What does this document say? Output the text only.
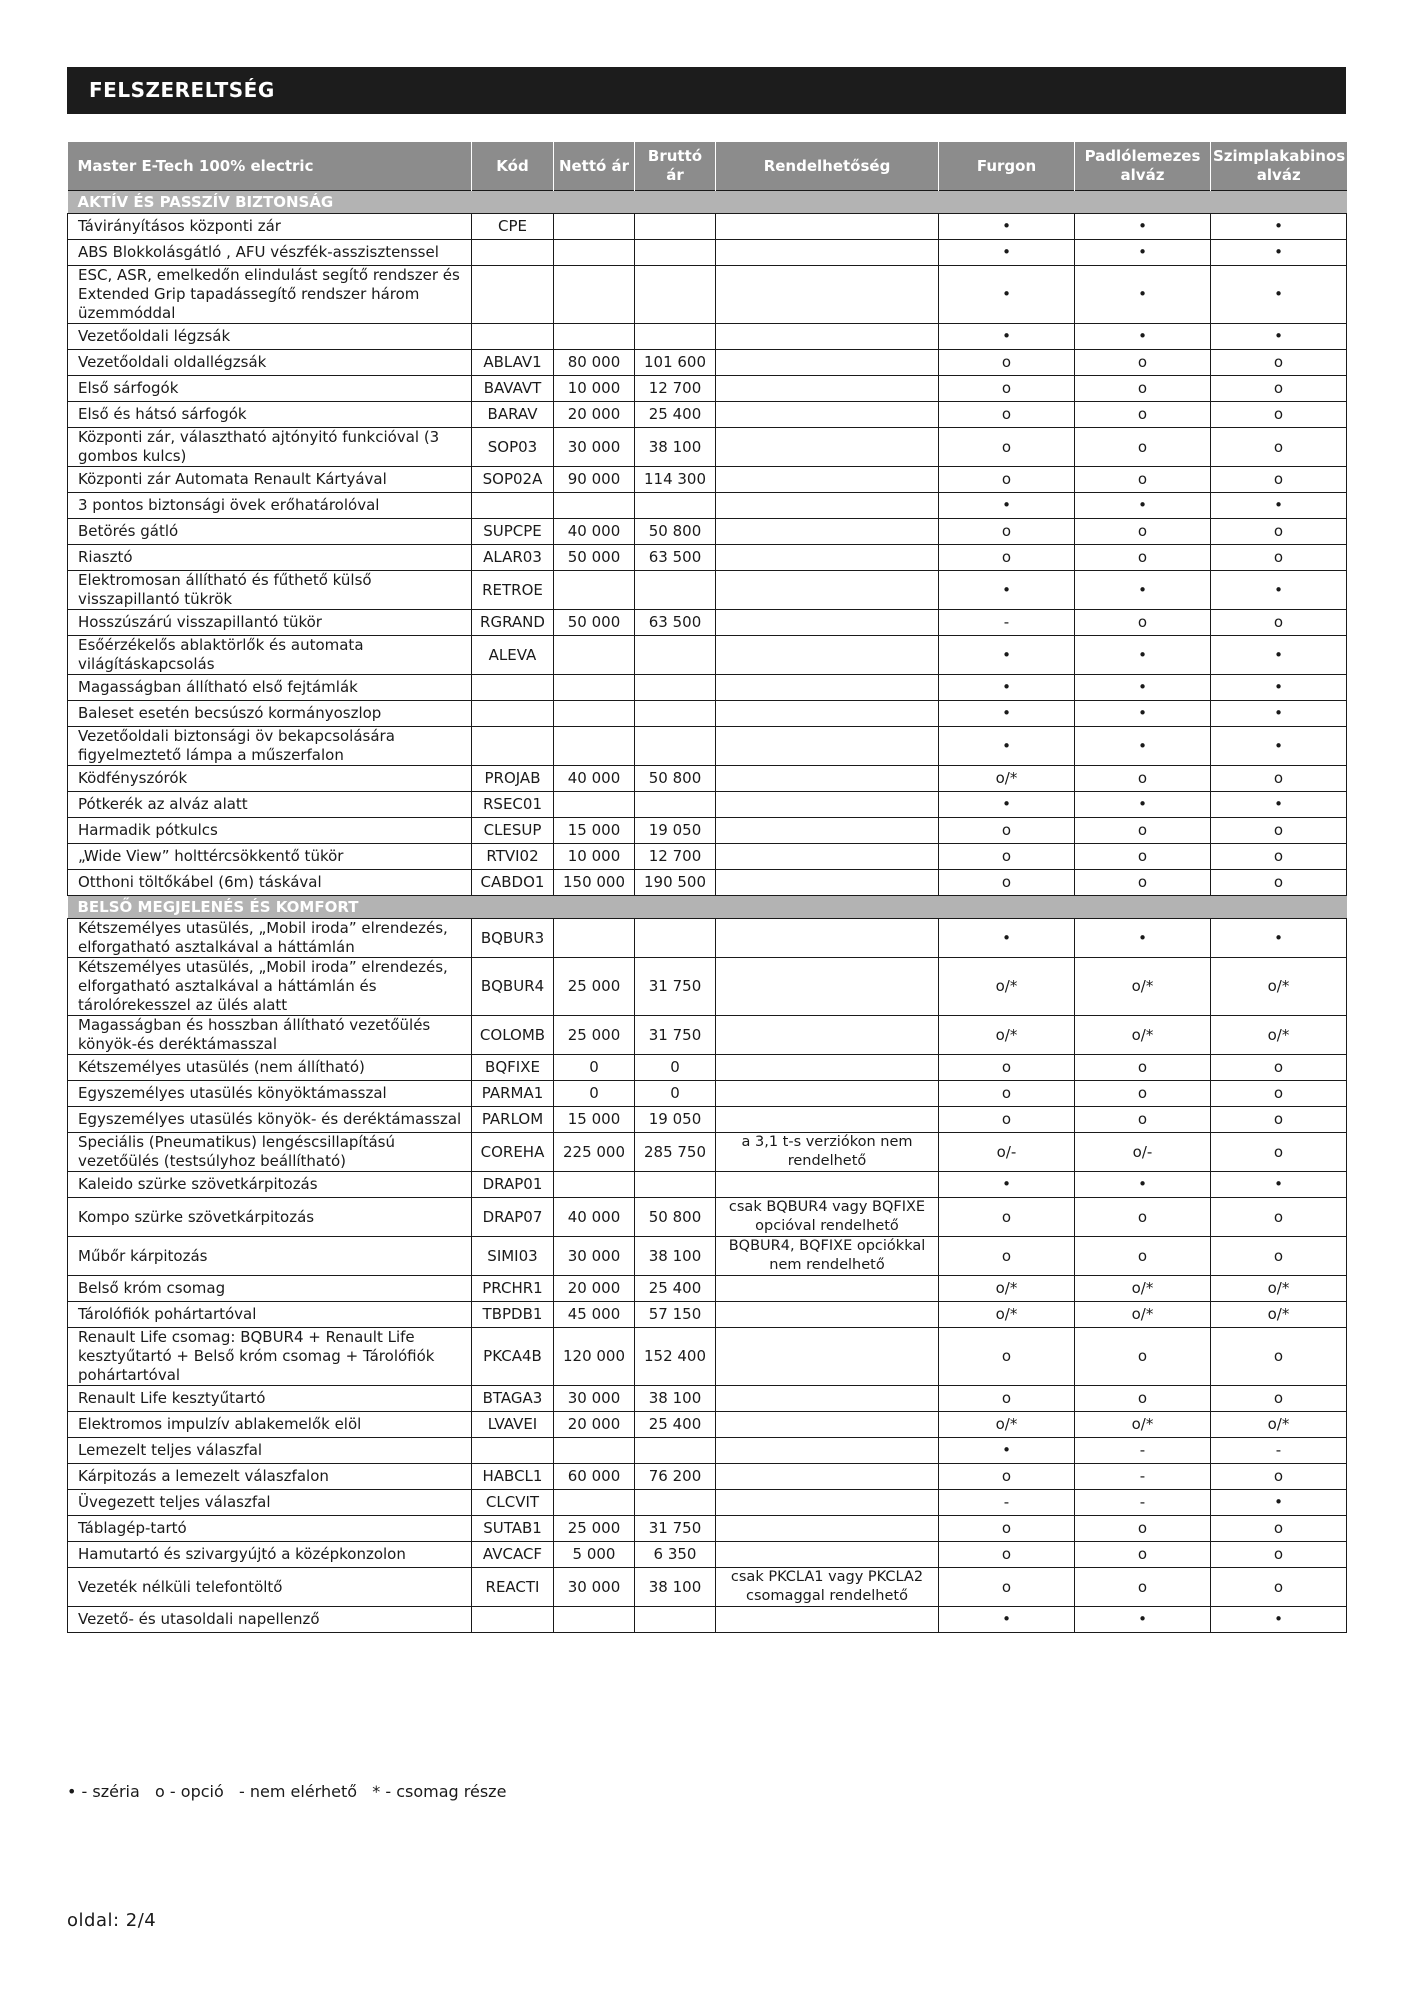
FELSZERELTSÉG
Master E-Tech 100% electric	Kód	Nettó ár	Bruttó ár	Rendelhetőség	Furgon	Padlólemezes alváz	Szimplakabinos alváz
AKTÍV ÉS PASSZÍV BIZTONSÁG							
Távirányításos központi zár	CPE				•	•	•
ABS Blokkolásgátló , AFU vészfék-asszisztenssel					•	•	•
ESC, ASR, emelkedőn elindulást segítő rendszer és Extended Grip tapadássegítő rendszer három üzemmóddal					•	•	•
Vezetőoldali légzsák					•	•	•
Vezetőoldali oldallégzsák	ABLAV1	80 000	101 600		o	o	o
Első sárfogók	BAVAVT	10 000	12 700		o	o	o
Első és hátsó sárfogók	BARAV	20 000	25 400		o	o	o
Központi zár, választható ajtónyitó funkcióval (3 gombos kulcs)	SOP03	30 000	38 100		o	o	o
Központi zár Automata Renault Kártyával	SOP02A	90 000	114 300		o	o	o
3 pontos biztonsági övek erőhatárolóval					•	•	•
Betörés gátló	SUPCPE	40 000	50 800		o	o	o
Riasztó	ALAR03	50 000	63 500		o	o	o
Elektromosan állítható és fűthető külső visszapillantó tükrök	RETROE				•	•	•
Hosszúszárú visszapillantó tükör	RGRAND	50 000	63 500		-	o	o
Esőérzékelős ablaktörlők és automata világításkapcsolás	ALEVA				•	•	•
Magasságban állítható első fejtámlák					•	•	•
Baleset esetén becsúszó kormányoszlop					•	•	•
Vezetőoldali biztonsági öv bekapcsolására figyelmeztető lámpa a műszerfalon					•	•	•
Ködfényszórók	PROJAB	40 000	50 800		o/*	o	o
Pótkerék az alváz alatt	RSEC01				•	•	•
Harmadik pótkulcs	CLESUP	15 000	19 050		o	o	o
„Wide View” holttércsökkentő tükör	RTVI02	10 000	12 700		o	o	o
Otthoni töltőkábel (6m) táskával	CABDO1	150 000	190 500		o	o	o
BELSŐ MEGJELENÉS ÉS KOMFORT							
Kétszemélyes utasülés, „Mobil iroda” elrendezés, elforgatható asztalkával a háttámlán	BQBUR3				•	•	•
Kétszemélyes utasülés, „Mobil iroda” elrendezés, elforgatható asztalkával a háttámlán és tárolórekesszel az ülés alatt	BQBUR4	25 000	31 750		o/*	o/*	o/*
Magasságban és hosszban állítható vezetőülés könyök-és deréktámasszal	COLOMB	25 000	31 750		o/*	o/*	o/*
Kétszemélyes utasülés (nem állítható)	BQFIXE	0	0		o	o	o
Egyszemélyes utasülés könyöktámasszal	PARMA1	0	0		o	o	o
Egyszemélyes utasülés könyök- és deréktámasszal	PARLOM	15 000	19 050		o	o	o
Speciális (Pneumatikus) lengéscsillapítású vezetőülés (testsúlyhoz beállítható)	COREHA	225 000	285 750	a 3,1 t-s verziókon nem rendelhető	o/-	o/-	o
Kaleido szürke szövetkárpitozás	DRAP01				•	•	•
Kompo szürke szövetkárpitozás	DRAP07	40 000	50 800	csak BQBUR4 vagy BQFIXE opcióval rendelhető	o	o	o
Műbőr kárpitozás	SIMI03	30 000	38 100	BQBUR4, BQFIXE opciókkal nem rendelhető	o	o	o
Belső króm csomag	PRCHR1	20 000	25 400		o/*	o/*	o/*
Tárolófiók pohártartóval	TBPDB1	45 000	57 150		o/*	o/*	o/*
Renault Life csomag: BQBUR4 + Renault Life kesztyűtartó + Belső króm csomag + Tárolófiók pohártartóval	PKCA4B	120 000	152 400		o	o	o
Renault Life kesztyűtartó	BTAGA3	30 000	38 100		o	o	o
Elektromos impulzív ablakemelők elöl	LVAVEI	20 000	25 400		o/*	o/*	o/*
Lemezelt teljes válaszfal					•	-	-
Kárpitozás a lemezelt válaszfalon	HABCL1	60 000	76 200		o	-	o
Üvegezett teljes válaszfal	CLCVIT				-	-	•
Táblagép-tartó	SUTAB1	25 000	31 750		o	o	o
Hamutartó és szivargyújtó a középkonzolon	AVCACF	5 000	6 350		o	o	o
Vezeték nélküli telefontöltő	REACTI	30 000	38 100	csak PKCLA1 vagy PKCLA2 csomaggal rendelhető	o	o	o
Vezető- és utasoldali napellenző					•	•	•
• - széria   o - opció   - nem elérhető   * - csomag része
oldal: 2/4
